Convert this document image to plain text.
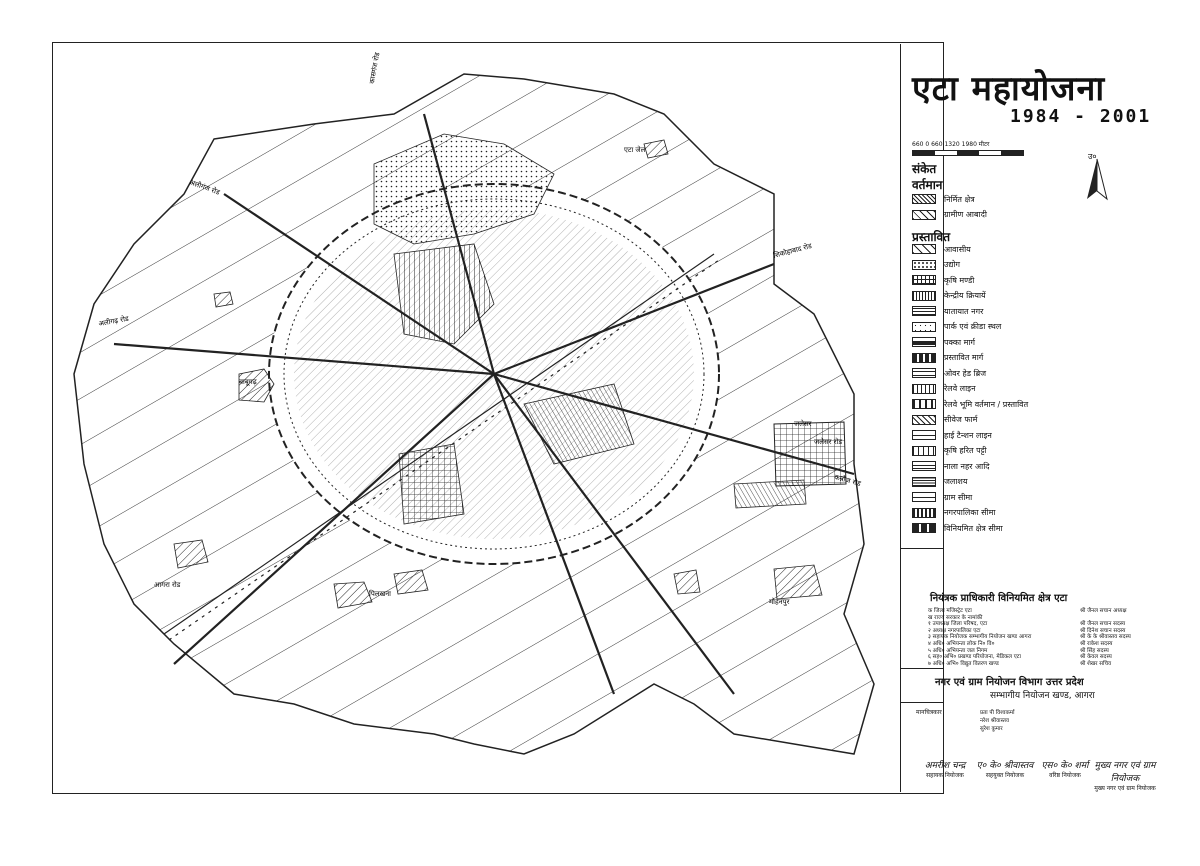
कासगंज रोड
अलीगंज रोड
शिकोहाबाद रोड
अलीगढ़ रोड
कन्नौज रोड
जलेसर
एटा जेल
बाबूगढ़
पिलखना
मोहनपुर
जलेसर रोड
आगरा रोड
एटा महायोजना
1984 - 2001
660 0 660 1320 1980 मीटर
उ०
संकेत
वर्तमान
निर्मित क्षेत्र
ग्रामीण आबादी
प्रस्तावित
आवासीय
उद्योग
कृषि मण्डी
केन्द्रीय क्रियायें
यातायात नगर
पार्क एवं क्रीडा स्थल
पक्का मार्ग
प्रस्तावित मार्ग
ओवर हेड ब्रिज
रेलवे लाइन
रेलवे भूमि वर्तमान / प्रस्तावित
सीवेज फार्म
हाई टैन्शन लाइन
कृषि हरित पट्टी
नाला नहर आदि
जलाशय
ग्राम सीमा
नगरपालिका सीमा
विनियमित क्षेत्र सीमा
नियंत्रक प्राधिकारी विनियमित क्षेत्र एटा
क जिला मजिस्ट्रेट एटा	श्री जैनल सचान अध्यक्ष
ख राज्य सरकार के नामांकी
१ उपाध्यक्ष जिला परिषद, एटा	श्री जैनल सचान सदस्य
२ अध्यक्ष नगरपालिका एटा	श्री दिनेश सचान सदस्य
३ सहायक नियोजक सम्भागीय नियोजन खण्ड आगरा	श्री के के श्रीवास्तव सदस्य
४ अधि० अभियन्ता लोक नि० वि०	श्री राकेश सदस्य
५ अधि० अभियन्ता जल निगम	श्री सिंह सदस्य
६ सह० अभि० प्रखण्ड परियोजना, मेडिकल एटा	श्री केवल सदस्य
७ अधि० अभि० विद्युत वितरण खण्ड	श्री शेखर सचिव
नगर एवं ग्राम नियोजन विभाग उत्तर प्रदेश
सम्भागीय नियोजन खण्ड, आगरा
मानचित्रकार	प्रता पी विश्वकर्मा
नरेश श्रीवास्तव
सुरेश कुमार
अमरीश चन्द्र
सहायक नियोजक
ए० के० श्रीवास्तव
सहयुक्त नियोजक
एस० के० शर्मा
वरिष्ठ नियोजक
मुख्य नगर एवं ग्राम नियोजक
मुख्य नगर एवं ग्राम नियोजक
